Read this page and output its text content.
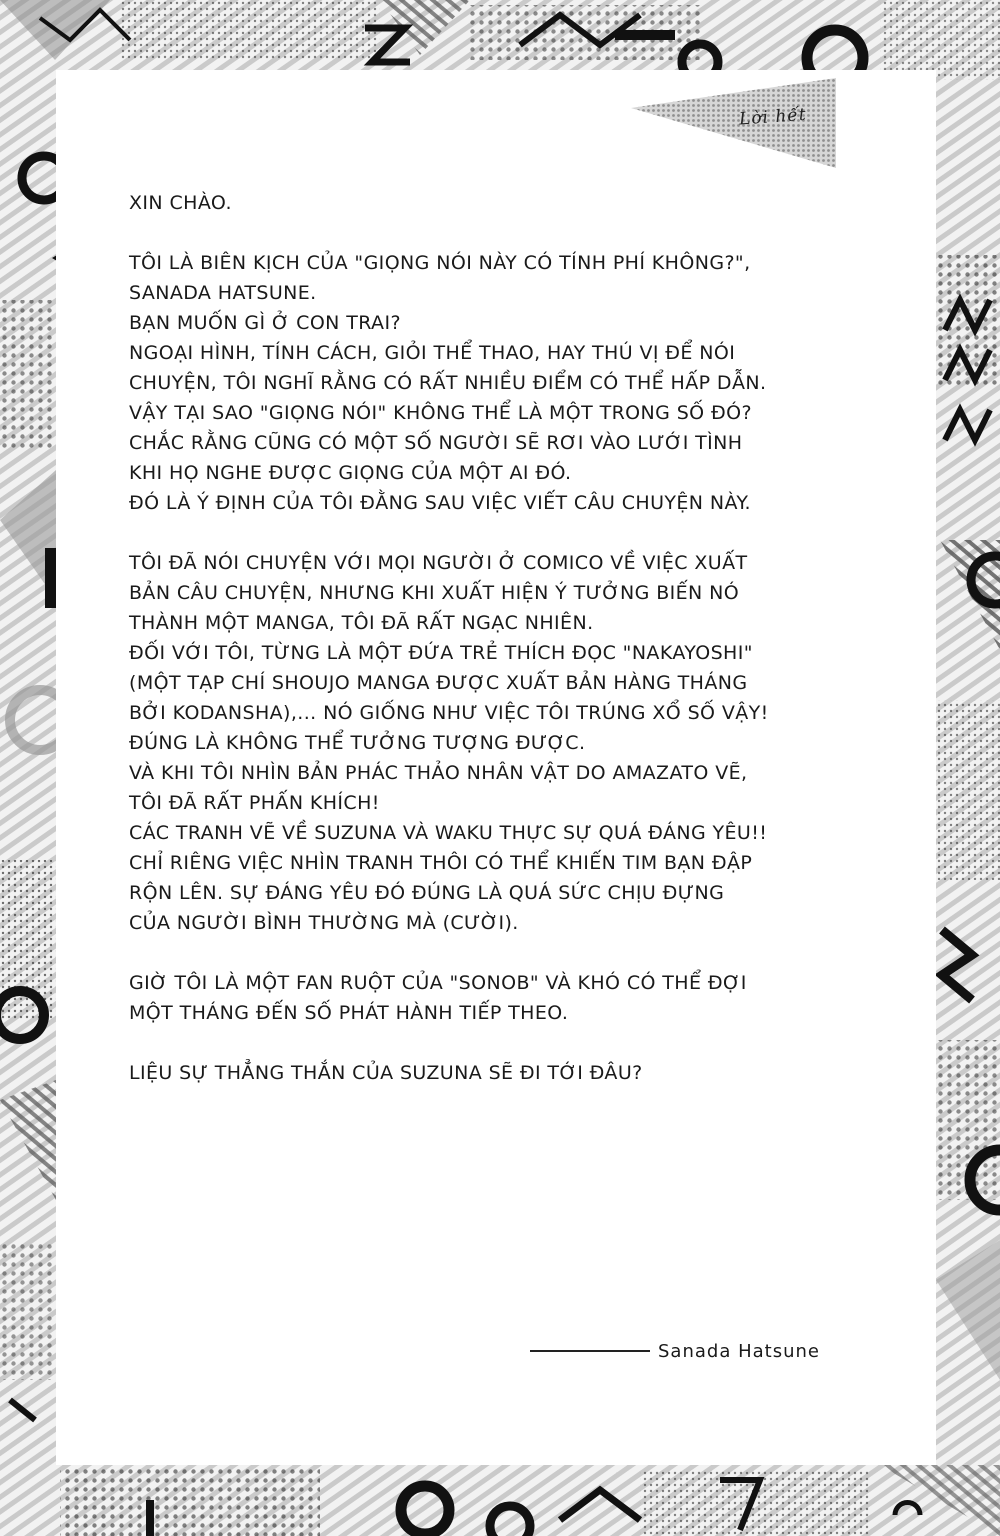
Lời hết

XIN CHÀO.

TÔI LÀ BIÊN KỊCH CỦA "GIỌNG NÓI NÀY CÓ TÍNH PHÍ KHÔNG?", SANADA HATSUNE.

BẠN MUỐN GÌ Ở CON TRAI?

NGOẠI HÌNH, TÍNH CÁCH, GIỎI THỂ THAO, HAY THÚ VỊ ĐỂ NÓI CHUYỆN, TÔI NGHĨ RẰNG CÓ RẤT NHIỀU ĐIỂM CÓ THỂ HẤP DẪN.

VẬY TẠI SAO "GIỌNG NÓI" KHÔNG THỂ LÀ MỘT TRONG SỐ ĐÓ?

CHẮC RẰNG CŨNG CÓ MỘT SỐ NGƯỜI SẼ RƠI VÀO LƯỚI TÌNH KHI HỌ NGHE ĐƯỢC GIỌNG CỦA MỘT AI ĐÓ.

ĐÓ LÀ Ý ĐỊNH CỦA TÔI ĐẰNG SAU VIỆC VIẾT CÂU CHUYỆN NÀY.

TÔI ĐÃ NÓI CHUYỆN VỚI MỌI NGƯỜI Ở COMICO VỀ VIỆC XUẤT BẢN CÂU CHUYỆN, NHƯNG KHI XUẤT HIỆN Ý TƯỞNG BIẾN NÓ THÀNH MỘT MANGA, TÔI ĐÃ RẤT NGẠC NHIÊN.

ĐỐI VỚI TÔI, TỪNG LÀ MỘT ĐỨA TRẺ THÍCH ĐỌC "NAKAYOSHI" (MỘT TẠP CHÍ SHOUJO MANGA ĐƯỢC XUẤT BẢN HÀNG THÁNG BỞI KODANSHA),... NÓ GIỐNG NHƯ VIỆC TÔI TRÚNG XỔ SỐ VẬY!

ĐÚNG LÀ KHÔNG THỂ TƯỞNG TƯỢNG ĐƯỢC.

VÀ KHI TÔI NHÌN BẢN PHÁC THẢO NHÂN VẬT DO AMAZATO VẼ, TÔI ĐÃ RẤT PHẤN KHÍCH!

CÁC TRANH VẼ VỀ SUZUNA VÀ WAKU THỰC SỰ QUÁ ĐÁNG YÊU!!

CHỈ RIÊNG VIỆC NHÌN TRANH THÔI CÓ THỂ KHIẾN TIM BẠN ĐẬP RỘN LÊN. SỰ ĐÁNG YÊU ĐÓ ĐÚNG LÀ QUÁ SỨC CHỊU ĐỰNG CỦA NGƯỜI BÌNH THƯỜNG MÀ (CƯỜI).

GIỜ TÔI LÀ MỘT FAN RUỘT CỦA "SONOB" VÀ KHÓ CÓ THỂ ĐỢI MỘT THÁNG ĐẾN SỐ PHÁT HÀNH TIẾP THEO.

LIỆU SỰ THẲNG THẮN CỦA SUZUNA SẼ ĐI TỚI ĐÂU?

Sanada Hatsune
